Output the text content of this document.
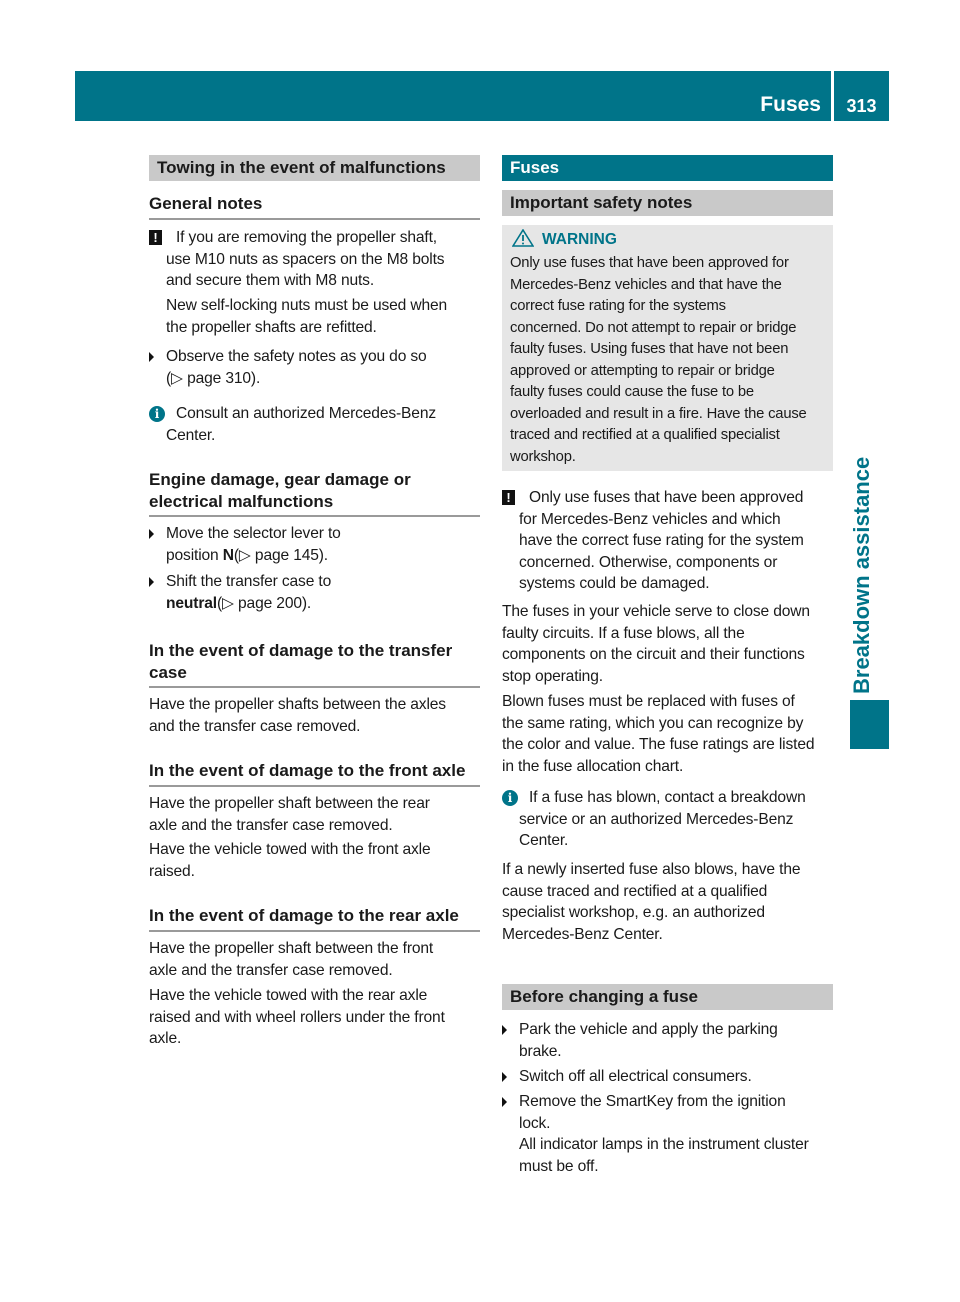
Fuses	313
Breakdown assistance
Towing in the event of malfunctions
General notes
! If you are removing the propeller shaft,
use M10 nuts as spacers on the M8 bolts
and secure them with M8 nuts.
New self-locking nuts must be used when
the propeller shafts are refitted.
Observe the safety notes as you do so
(▷ page 310).
i	Consult an authorized Mercedes-Benz
Center.
Engine damage, gear damage or
electrical malfunctions
Move the selector lever to
position N(▷ page 145).
Shift the transfer case to
neutral(▷ page 200).
In the event of damage to the transfer
case
Have the propeller shafts between the axles
and the transfer case removed.
In the event of damage to the front axle
Have the propeller shaft between the rear
axle and the transfer case removed.
Have the vehicle towed with the front axle
raised.
In the event of damage to the rear axle
Have the propeller shaft between the front
axle and the transfer case removed.
Have the vehicle towed with the rear axle
raised and with wheel rollers under the front
axle.
Fuses
Important safety notes
WARNING
Only use fuses that have been approved for
Mercedes-Benz vehicles and that have the
correct fuse rating for the systems
concerned. Do not attempt to repair or bridge
faulty fuses. Using fuses that have not been
approved or attempting to repair or bridge
faulty fuses could cause the fuse to be
overloaded and result in a fire. Have the cause
traced and rectified at a qualified specialist
workshop.
! Only use fuses that have been approved
for Mercedes-Benz vehicles and which
have the correct fuse rating for the system
concerned. Otherwise, components or
systems could be damaged.
The fuses in your vehicle serve to close down
faulty circuits. If a fuse blows, all the
components on the circuit and their functions
stop operating.
Blown fuses must be replaced with fuses of
the same rating, which you can recognize by
the color and value. The fuse ratings are listed
in the fuse allocation chart.
i	If a fuse has blown, contact a breakdown
service or an authorized Mercedes-Benz
Center.
If a newly inserted fuse also blows, have the
cause traced and rectified at a qualified
specialist workshop, e.g. an authorized
Mercedes-Benz Center.
Before changing a fuse
Park the vehicle and apply the parking
brake.
Switch off all electrical consumers.
Remove the SmartKey from the ignition
lock.
All indicator lamps in the instrument cluster
must be off.
